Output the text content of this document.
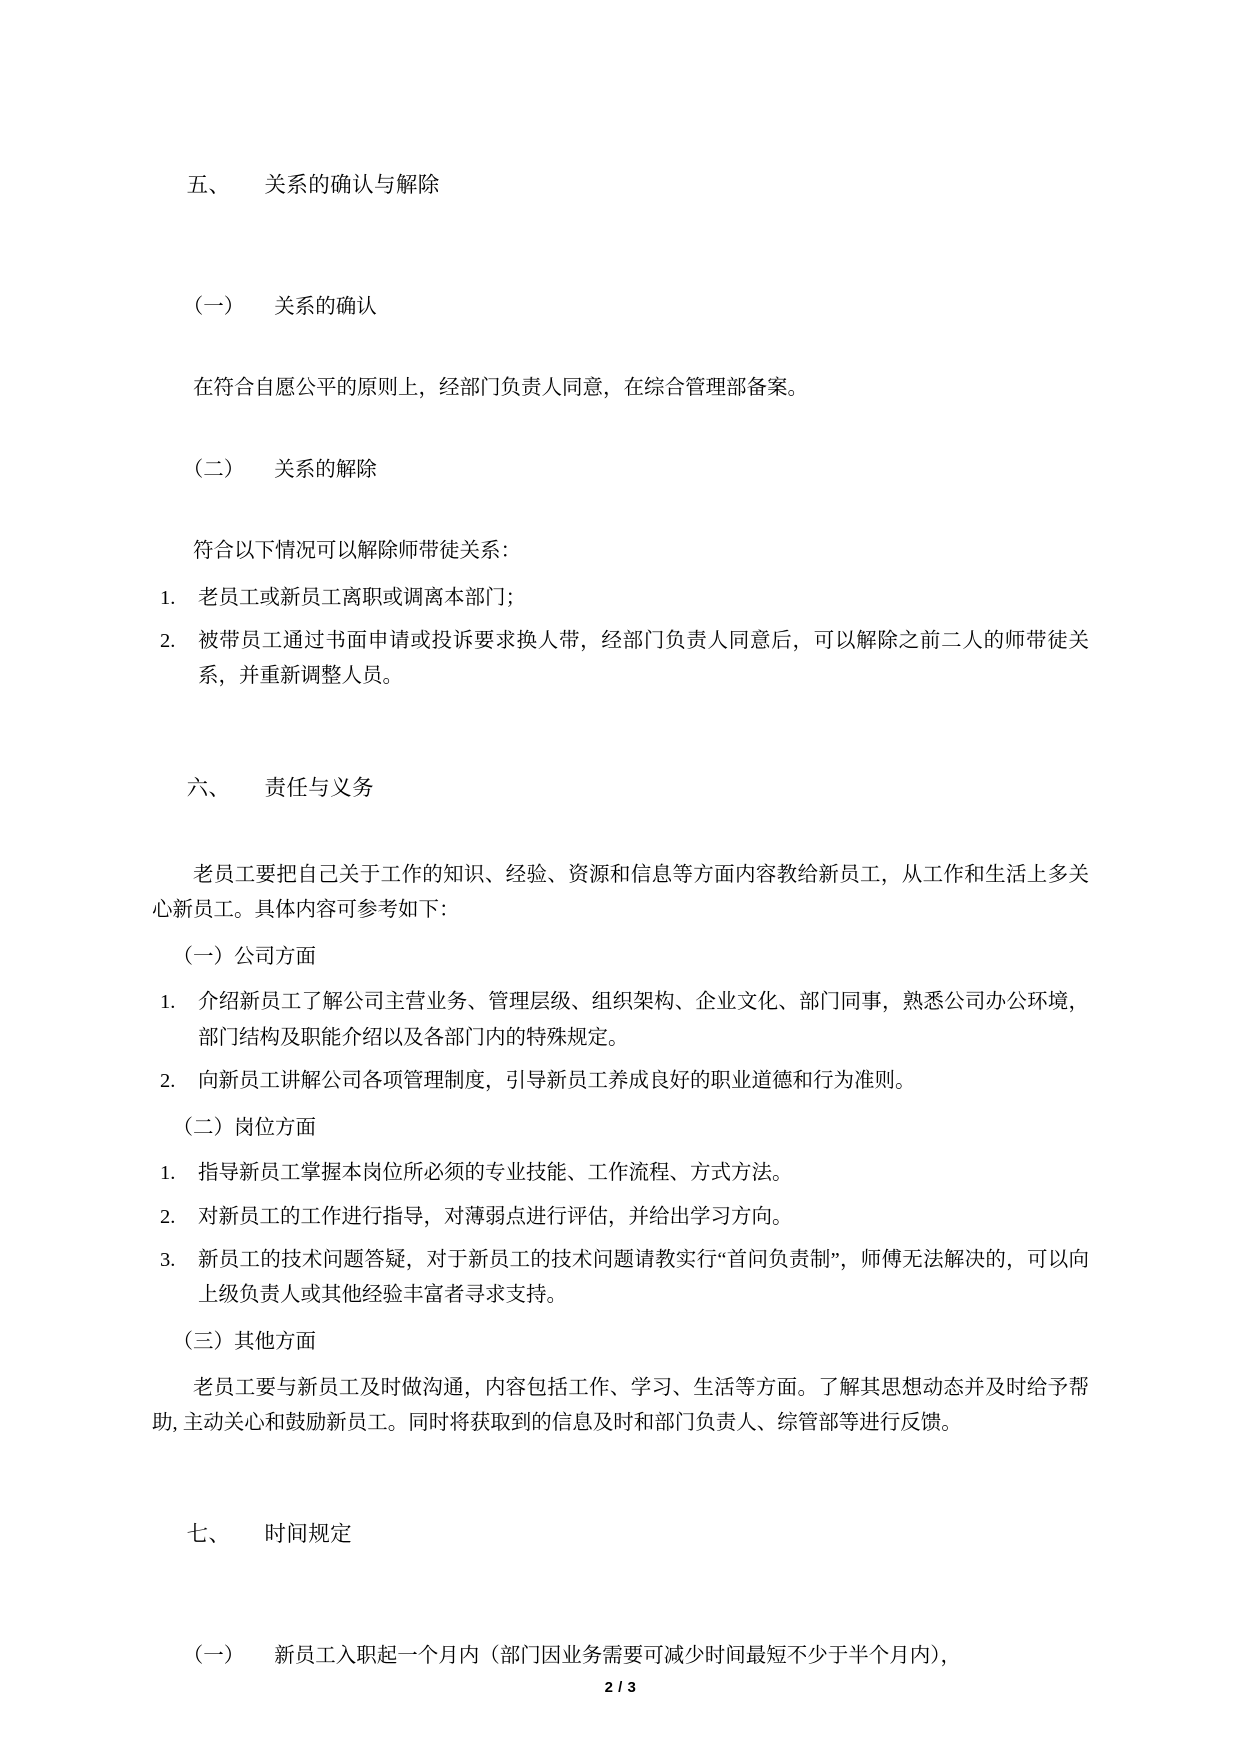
五、 关系的确认与解除

（一） 关系的确认

在符合自愿公平的原则上，经部门负责人同意，在综合管理部备案。

（二） 关系的解除

符合以下情况可以解除师带徒关系：

1.	老员工或新员工离职或调离本部门；
2.	被带员工通过书面申请或投诉要求换人带，经部门负责人同意后，可以解除之前二人的师带徒关系，并重新调整人员。

六、 责任与义务

老员工要把自己关于工作的知识、经验、资源和信息等方面内容教给新员工，从工作和生活上多关心新员工。具体内容可参考如下：

（一）公司方面
1.	介绍新员工了解公司主营业务、管理层级、组织架构、企业文化、部门同事，熟悉公司办公环境，部门结构及职能介绍以及各部门内的特殊规定。
2.	向新员工讲解公司各项管理制度，引导新员工养成良好的职业道德和行为准则。
（二）岗位方面
1.	指导新员工掌握本岗位所必须的专业技能、工作流程、方式方法。
2.	对新员工的工作进行指导，对薄弱点进行评估，并给出学习方向。
3.	新员工的技术问题答疑，对于新员工的技术问题请教实行“首问负责制”，师傅无法解决的，可以向上级负责人或其他经验丰富者寻求支持。
（三）其他方面

老员工要与新员工及时做沟通，内容包括工作、学习、生活等方面。了解其思想动态并及时给予帮助, 主动关心和鼓励新员工。同时将获取到的信息及时和部门负责人、综管部等进行反馈。

七、 时间规定

（一） 新员工入职起一个月内（部门因业务需要可减少时间最短不少于半个月内），

2 / 3
